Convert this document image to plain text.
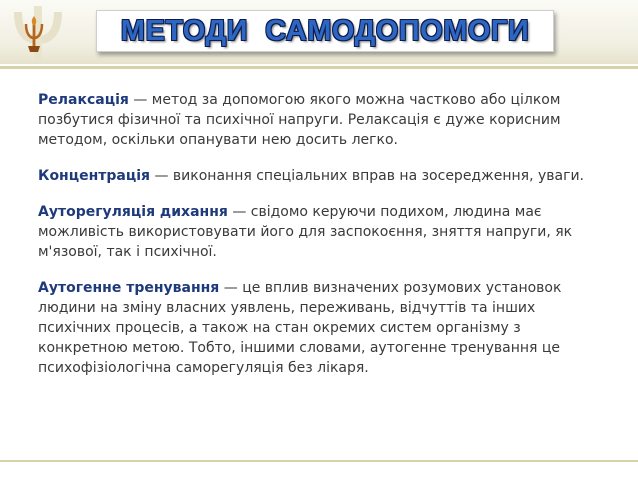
МЕТОДИ  САМОДОПОМОГИ

Релаксація — метод за допомогою якого можна частково або цілком позбутися фізичної та психічної напруги. Релаксація є дуже корисним методом, оскільки опанувати нею досить легко.

Концентрація — виконання спеціальних вправ на зосередження, уваги.

Ауторегуляція дихання — свідомо керуючи подихом, людина має можливість використовувати його для заспокоєння, зняття напруги, як м'язової, так і психічної.

Аутогенне тренування — це вплив визначених розумових установок людини на зміну власних уявлень, переживань, відчуттів та інших психічних процесів, а також на стан окремих систем організму з конкретною метою. Тобто, іншими словами, аутогенне тренування це психофізіологічна саморегуляція без лікаря.
